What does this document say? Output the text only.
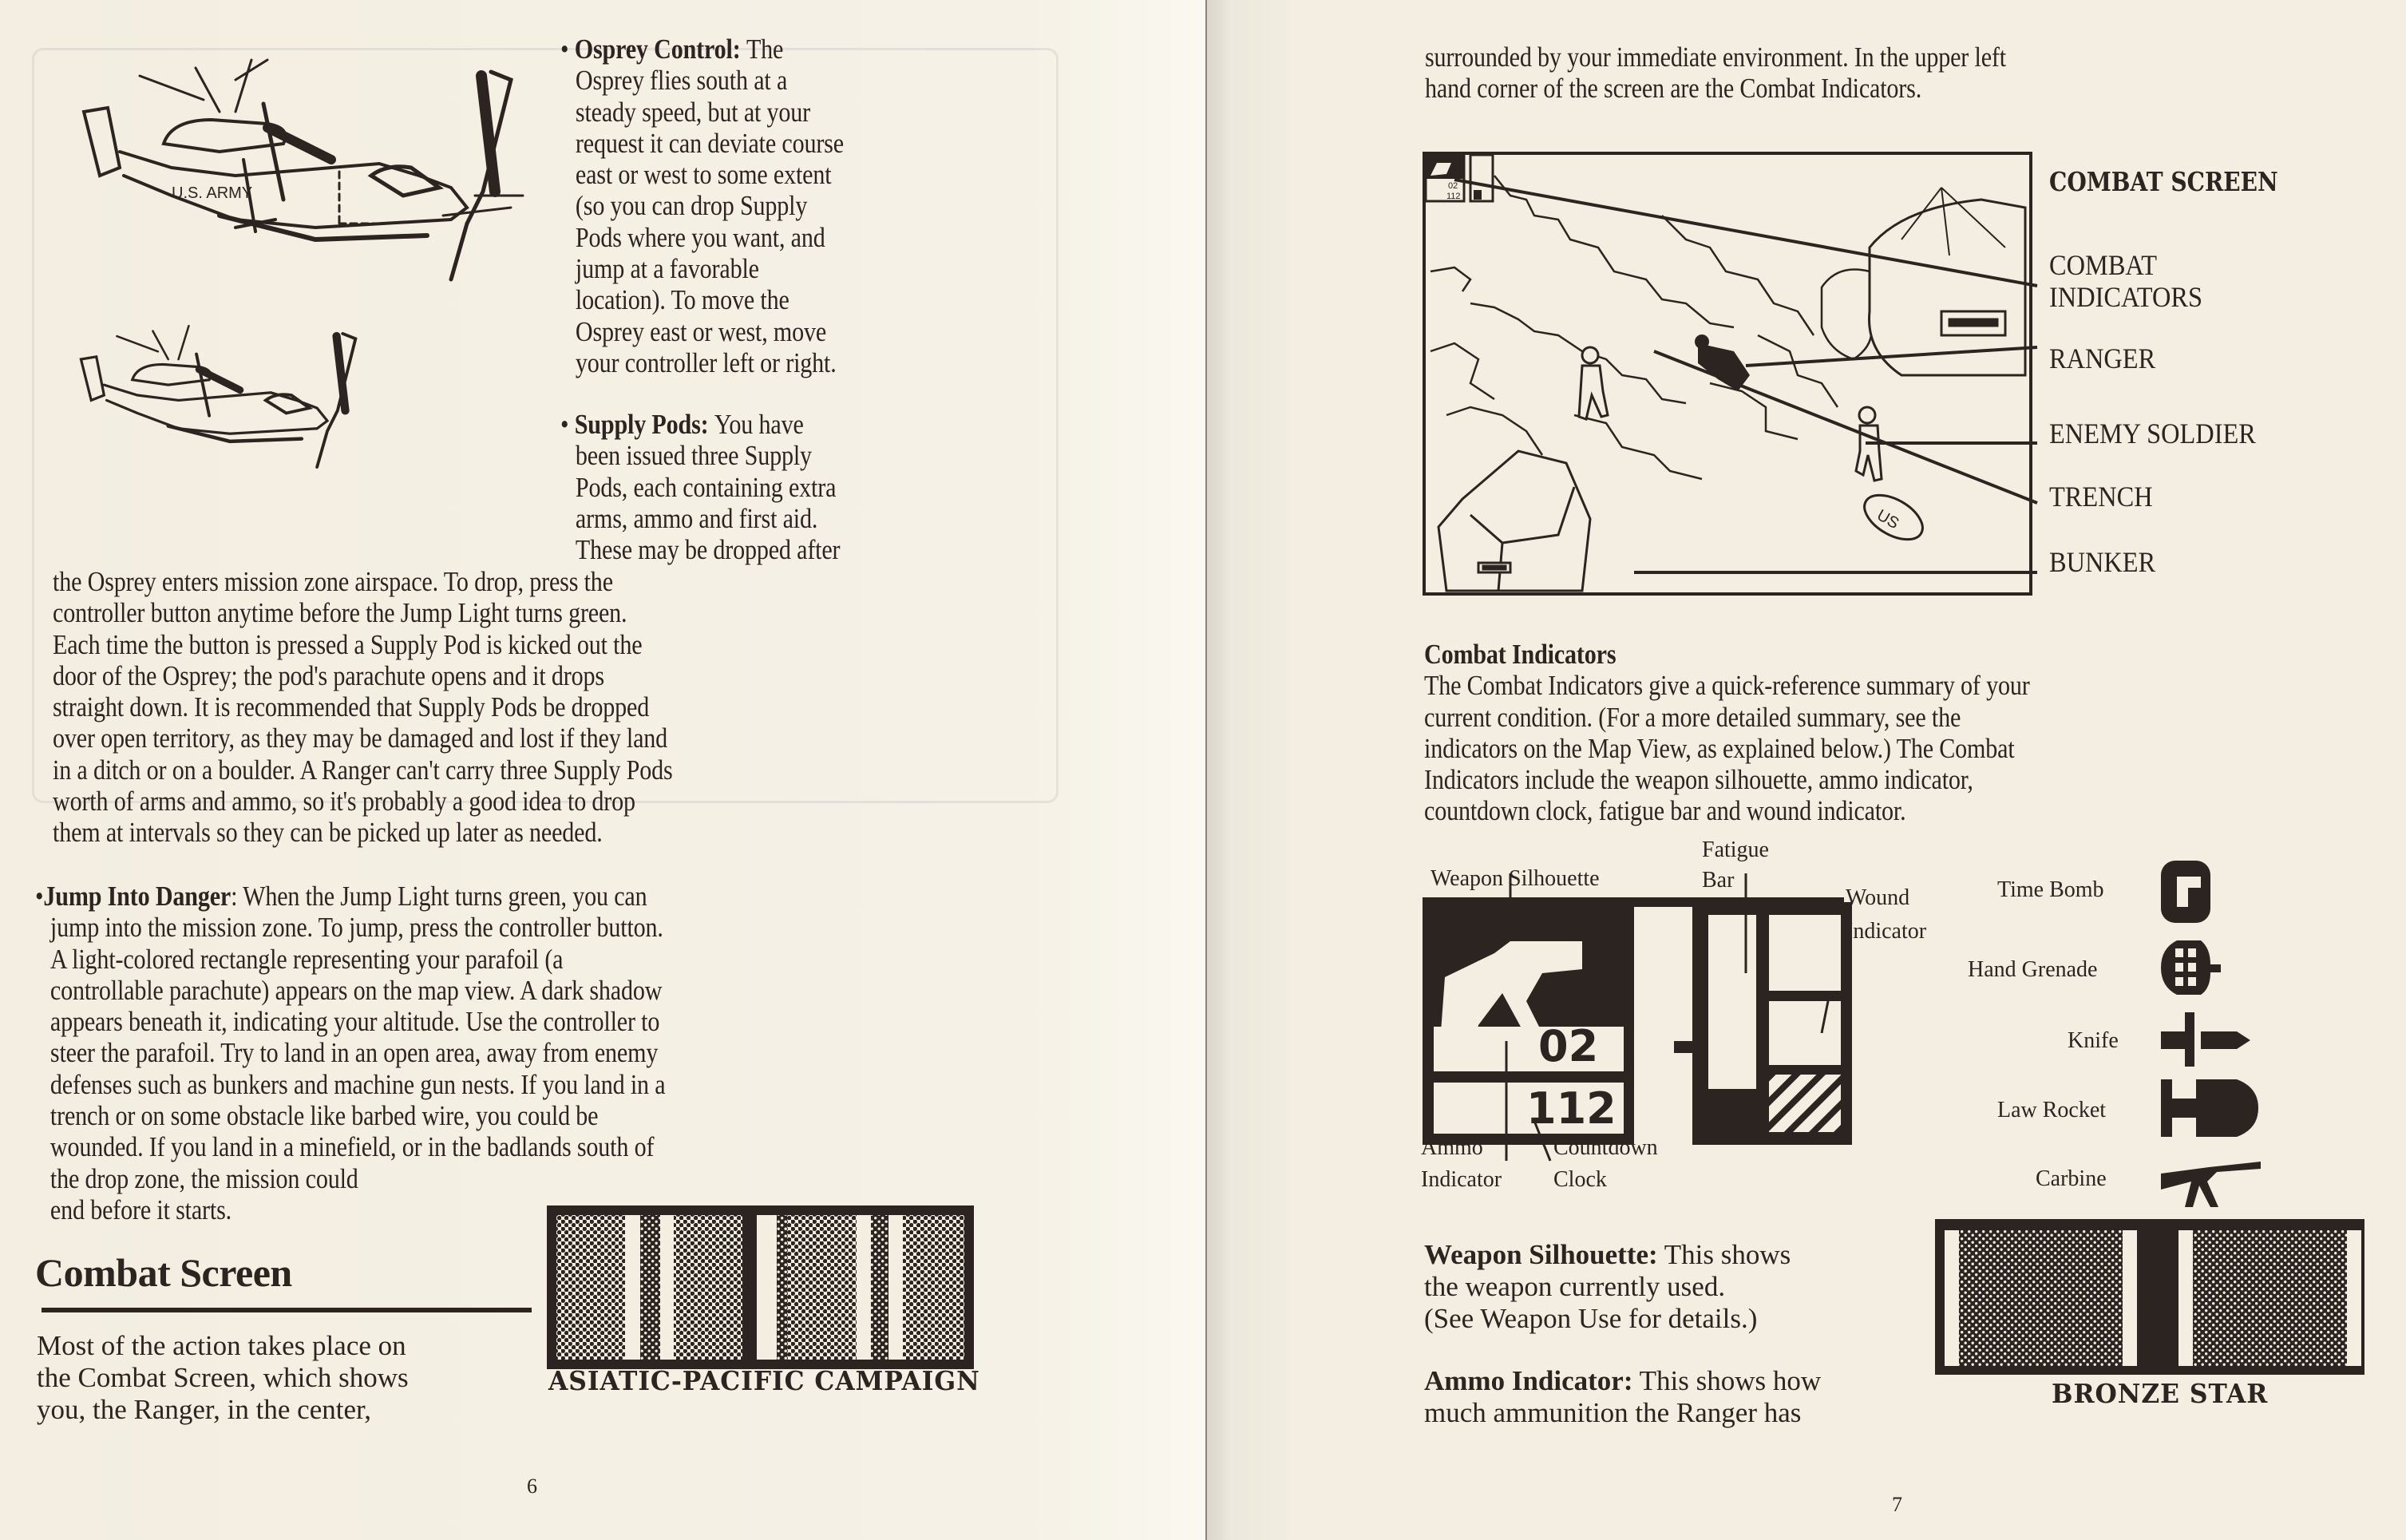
U.S. ARMY
• Osprey Control: The
Osprey flies south at a
steady speed, but at your
request it can deviate course
east or west to some extent
(so you can drop Supply
Pods where you want, and
jump at a favorable
location). To move the
Osprey east or west, move
your controller left or right.
• Supply Pods: You have
been issued three Supply
Pods, each containing extra
arms, ammo and first aid.
These may be dropped after
the Osprey enters mission zone airspace. To drop, press the
controller button anytime before the Jump Light turns green.
Each time the button is pressed a Supply Pod is kicked out the
door of the Osprey; the pod's parachute opens and it drops
straight down. It is recommended that Supply Pods be dropped
over open territory, as they may be damaged and lost if they land
in a ditch or on a boulder. A Ranger can't carry three Supply Pods
worth of arms and ammo, so it's probably a good idea to drop
them at intervals so they can be picked up later as needed.
• Jump Into Danger: When the Jump Light turns green, you can
jump into the mission zone. To jump, press the controller button.
A light-colored rectangle representing your parafoil (a
controllable parachute) appears on the map view. A dark shadow
appears beneath it, indicating your altitude. Use the controller to
steer the parafoil. Try to land in an open area, away from enemy
defenses such as bunkers and machine gun nests. If you land in a
trench or on some obstacle like barbed wire, you could be
wounded. If you land in a minefield, or in the badlands south of
the drop zone, the mission could
end before it starts.
Combat Screen
Most of the action takes place on
the Combat Screen, which shows
you, the Ranger, in the center,
ASIATIC-PACIFIC CAMPAIGN
6
surrounded by your immediate environment. In the upper left
hand corner of the screen are the Combat Indicators.
02
112
US
COMBAT SCREEN
COMBAT
INDICATORS
RANGER
ENEMY SOLDIER
TRENCH
BUNKER
Combat Indicators
The Combat Indicators give a quick-reference summary of your
current condition. (For a more detailed summary, see the
indicators on the Map View, as explained below.) The Combat
Indicators include the weapon silhouette, ammo indicator,
countdown clock, fatigue bar and wound indicator.
02
112
Weapon Silhouette
Fatigue
Bar
Wound
Indicator
Ammo
Indicator
Countdown
Clock
Time Bomb
Hand Grenade
Knife
Law Rocket
Carbine
Weapon Silhouette: This shows
the weapon currently used.
(See Weapon Use for details.)
Ammo Indicator: This shows how
much ammunition the Ranger has
BRONZE STAR
7
